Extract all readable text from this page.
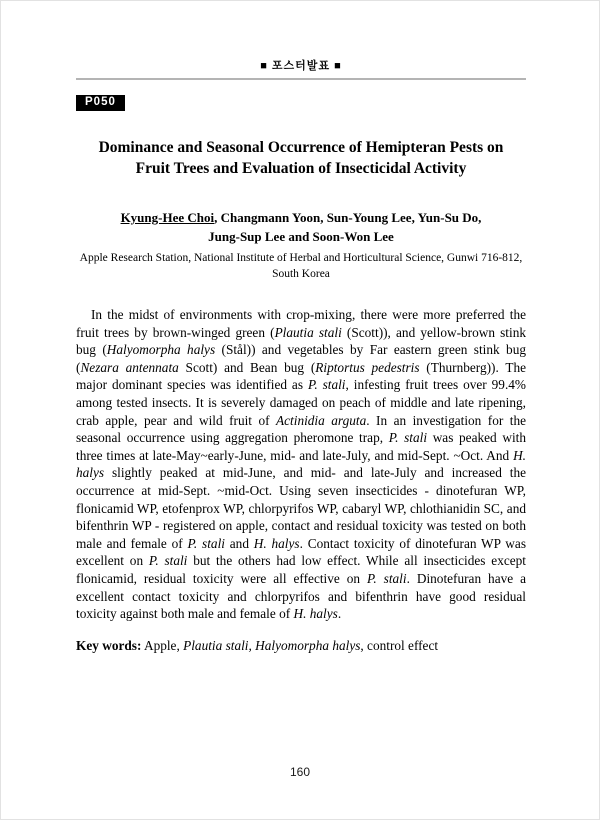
■ 포스터발표 ■
P050
Dominance and Seasonal Occurrence of Hemipteran Pests on
Fruit Trees and Evaluation of Insecticidal Activity
Kyung-Hee Choi, Changmann Yoon, Sun-Young Lee, Yun-Su Do,
Jung-Sup Lee and Soon-Won Lee
Apple Research Station, National Institute of Herbal and Horticultural Science, Gunwi 716-812,
South Korea

In the midst of environments with crop-mixing, there were more preferred the fruit trees by brown-winged green (Plautia stali (Scott)), and yellow-brown stink bug (Halyomorpha halys (Stål)) and vegetables by Far eastern green stink bug (Nezara antennata Scott) and Bean bug (Riptortus pedestris (Thurnberg)). The major dominant species was identified as P. stali, infesting fruit trees over 99.4% among tested insects. It is severely damaged on peach of middle and late ripening, crab apple, pear and wild fruit of Actinidia arguta. In an investigation for the seasonal occurrence using aggregation pheromone trap, P. stali was peaked with three times at late-May~early-June, mid- and late-July, and mid-Sept. ~Oct. And H. halys slightly peaked at mid-June, and mid- and late-July and increased the occurrence at mid-Sept. ~mid-Oct. Using seven insecticides - dinotefuran WP, flonicamid WP, etofenprox WP, chlorpyrifos WP, cabaryl WP, chlothianidin SC, and bifenthrin WP - registered on apple, contact and residual toxicity was tested on both male and female of P. stali and H. halys. Contact toxicity of dinotefuran WP was excellent on P. stali but the others had low effect. While all insecticides except flonicamid, residual toxicity were all effective on P. stali. Dinotefuran have a excellent contact toxicity and chlorpyrifos and bifenthrin have good residual toxicity against both male and female of H. halys.

Key words: Apple, Plautia stali, Halyomorpha halys, control effect

160
